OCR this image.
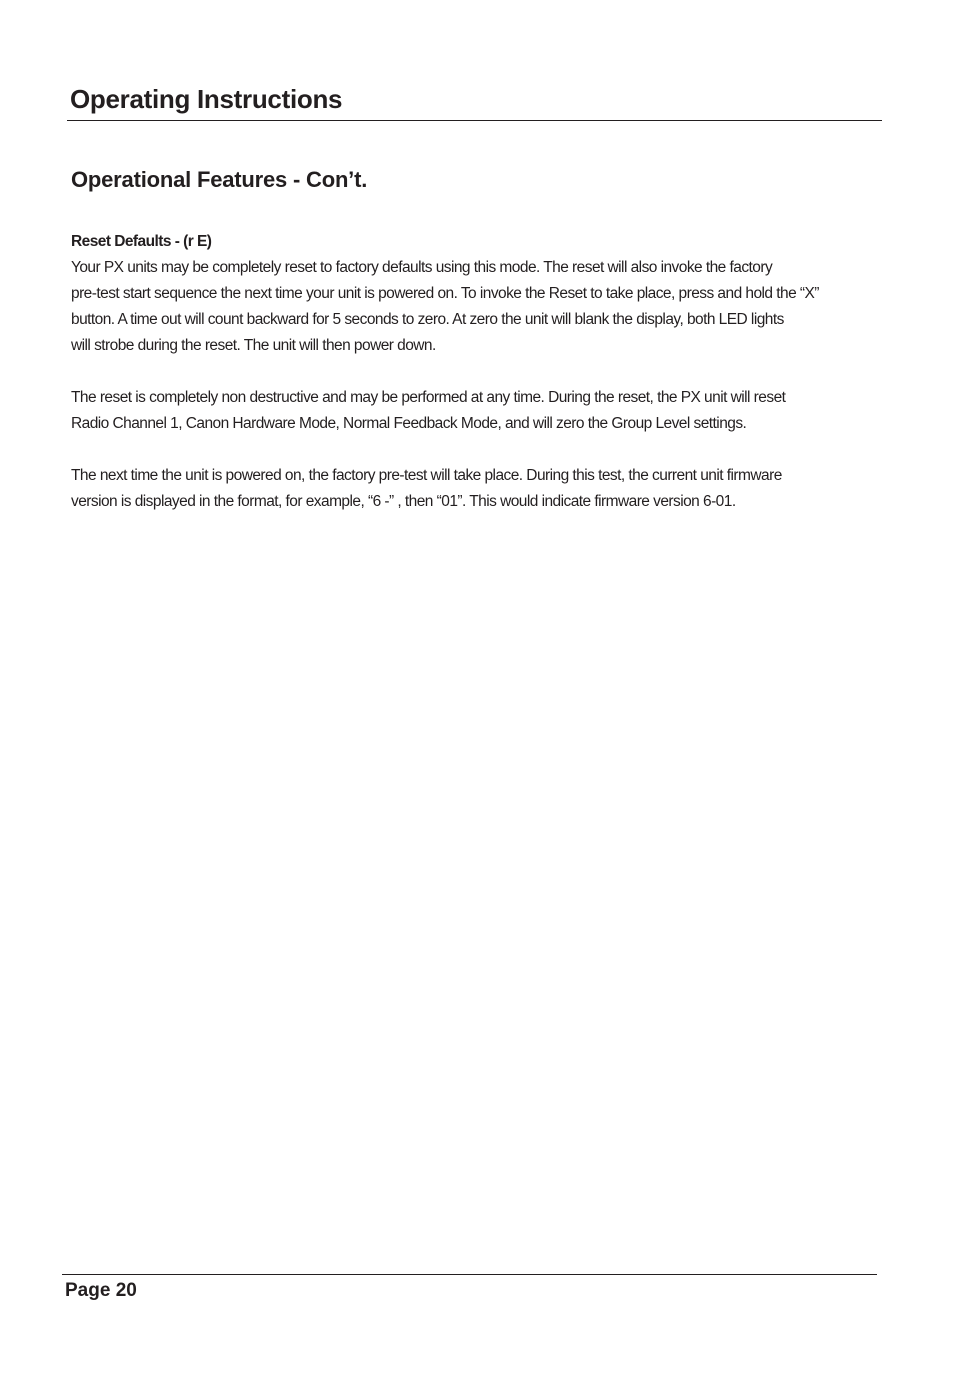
Operating Instructions
Operational Features - Con’t.

Reset Defaults - (r E)

Your PX units may be completely reset to factory defaults using this mode. The reset will also invoke the factory
pre-test start sequence the next time your unit is powered on. To invoke the Reset to take place, press and hold the “X”
button. A time out will count backward for 5 seconds to zero. At zero the unit will blank the display, both LED lights
will strobe during the reset. The unit will then power down.

The reset is completely non destructive and may be performed at any time. During the reset, the PX unit will reset
Radio Channel 1, Canon Hardware Mode, Normal Feedback Mode, and will zero the Group Level settings.

The next time the unit is powered on, the factory pre-test will take place. During this test, the current unit firmware
version is displayed in the format, for example, “6 -” , then “01”. This would indicate firmware version 6-01.

Page 20
